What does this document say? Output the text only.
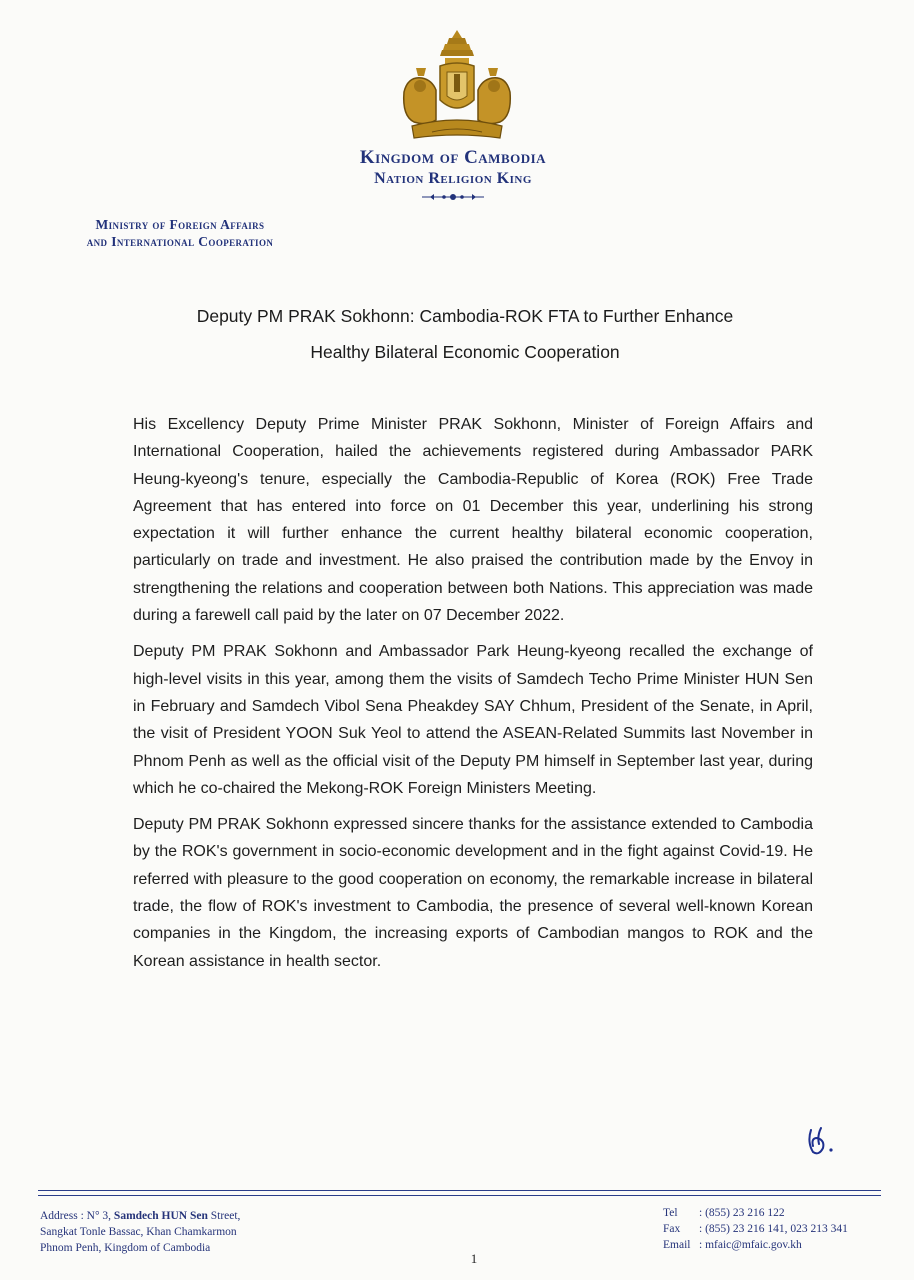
Kingdom of Cambodia
Nation Religion King
Ministry of Foreign Affairs
and International Cooperation
Deputy PM PRAK Sokhonn: Cambodia-ROK FTA to Further Enhance
Healthy Bilateral Economic Cooperation

His Excellency Deputy Prime Minister PRAK Sokhonn, Minister of Foreign Affairs and International Cooperation, hailed the achievements registered during Ambassador PARK Heung-kyeong's tenure, especially the Cambodia-Republic of Korea (ROK) Free Trade Agreement that has entered into force on 01 December this year, underlining his strong expectation it will further enhance the current healthy bilateral economic cooperation, particularly on trade and investment. He also praised the contribution made by the Envoy in strengthening the relations and cooperation between both Nations. This appreciation was made during a farewell call paid by the later on 07 December 2022.

Deputy PM PRAK Sokhonn and Ambassador Park Heung-kyeong recalled the exchange of high-level visits in this year, among them the visits of Samdech Techo Prime Minister HUN Sen in February and Samdech Vibol Sena Pheakdey SAY Chhum, President of the Senate, in April, the visit of President YOON Suk Yeol to attend the ASEAN-Related Summits last November in Phnom Penh as well as the official visit of the Deputy PM himself in September last year, during which he co-chaired the Mekong-ROK Foreign Ministers Meeting.

Deputy PM PRAK Sokhonn expressed sincere thanks for the assistance extended to Cambodia by the ROK's government in socio-economic development and in the fight against Covid-19. He referred with pleasure to the good cooperation on economy, the remarkable increase in bilateral trade, the flow of ROK's investment to Cambodia, the presence of several well-known Korean companies in the Kingdom, the increasing exports of Cambodian mangos to ROK and the Korean assistance in health sector.

Address : N° 3, Samdech HUN Sen Street,
Sangkat Tonle Bassac, Khan Chamkarmon
Phnom Penh, Kingdom of Cambodia
Tel : (855) 23 216 122
Fax : (855) 23 216 141, 023 213 341
Email : mfaic@mfaic.gov.kh
1
